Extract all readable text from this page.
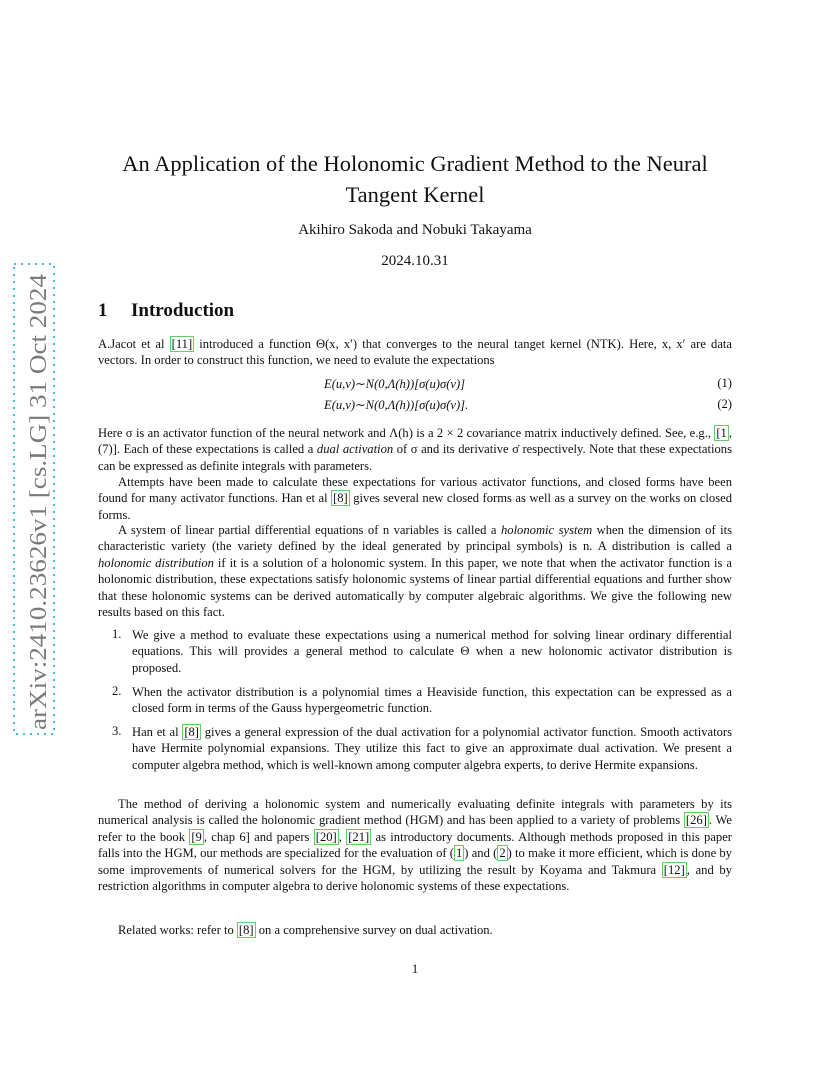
arXiv:2410.23626v1 [cs.LG] 31 Oct 2024
An Application of the Holonomic Gradient Method to the Neural
Tangent Kernel
Akihiro Sakoda and Nobuki Takayama
2024.10.31
1 Introduction

A.Jacot et al [11] introduced a function Θ(x, x′) that converges to the neural tanget kernel (NTK). Here, x, x′ are data vectors. In order to construct this function, we need to evalute the expectations

E(u,v)∼N(0,Λ(h))[σ(u)σ(v)]	(1)
E(u,v)∼N(0,Λ(h))[σ̇(u)σ̇(v)].	(2)

Here σ is an activator function of the neural network and Λ(h) is a 2 × 2 covariance matrix inductively defined. See, e.g., [1 , (7)]. Each of these expectations is called a dual activation of σ and its derivative σ̇ respectively. Note that these expectations can be expressed as definite integrals with parameters.

Attempts have been made to calculate these expectations for various activator functions, and closed forms have been found for many activator functions. Han et al [8] gives several new closed forms as well as a survey on the works on closed forms.

A system of linear partial differential equations of n variables is called a holonomic system when the dimension of its characteristic variety (the variety defined by the ideal generated by principal symbols) is n. A distribution is called a holonomic distribution if it is a solution of a holonomic system. In this paper, we note that when the activator function is a holonomic distribution, these expectations satisfy holonomic systems of linear partial differential equations and further show that these holonomic systems can be derived automatically by computer algebraic algorithms. We give the following new results based on this fact.

1. We give a method to evaluate these expectations using a numerical method for solving linear ordinary differential equations. This will provides a general method to calculate Θ when a new holonomic activator distribution is proposed.

2. When the activator distribution is a polynomial times a Heaviside function, this expectation can be expressed as a closed form in terms of the Gauss hypergeometric function.

3. Han et al [8] gives a general expression of the dual activation for a polynomial activator function. Smooth activators have Hermite polynomial expansions. They utilize this fact to give an approximate dual activation. We present a computer algebra method, which is well-known among computer algebra experts, to derive Hermite expansions.

The method of deriving a holonomic system and numerically evaluating definite integrals with parameters by its numerical analysis is called the holonomic gradient method (HGM) and has been applied to a variety of problems [26] . We refer to the book [9 , chap 6] and papers [20] , [21] as introductory documents. Although methods proposed in this paper falls into the HGM, our methods are specialized for the evaluation of ( 1 ) and ( 2 ) to make it more efficient, which is done by some improvements of numerical solvers for the HGM, by utilizing the result by Koyama and Takmura [12] , and by restriction algorithms in computer algebra to derive holonomic systems of these expectations.

Related works: refer to [8] on a comprehensive survey on dual activation.

1
